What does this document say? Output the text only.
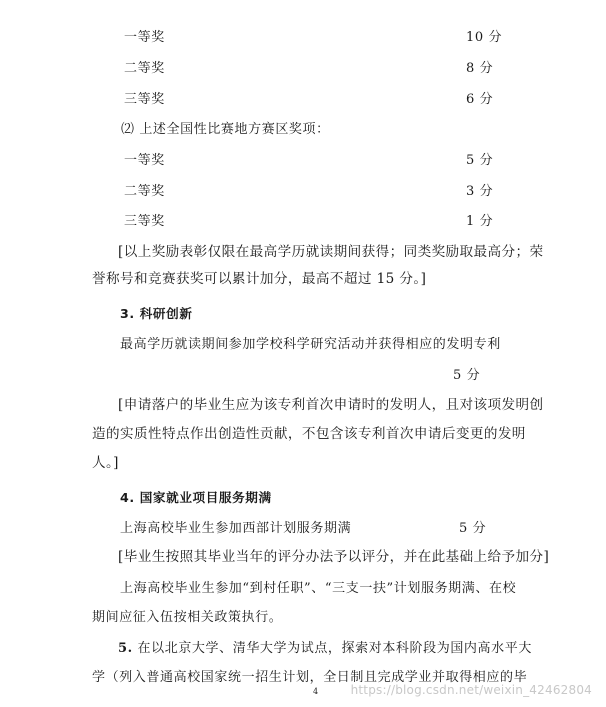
一等奖	10 分
二等奖	8 分
三等奖	6 分
⑵ 上述全国性比赛地方赛区奖项：
一等奖	5 分
二等奖	3 分
三等奖	1 分
[以上奖励表彰仅限在最高学历就读期间获得；同类奖励取最高分；荣
誉称号和竞赛获奖可以累计加分，最高不超过 15 分。]
3. 科研创新
最高学历就读期间参加学校科学研究活动并获得相应的发明专利
5 分
[申请落户的毕业生应为该专利首次申请时的发明人，且对该项发明创
造的实质性特点作出创造性贡献，不包含该专利首次申请后变更的发明
人。]
4. 国家就业项目服务期满
上海高校毕业生参加西部计划服务期满	5 分
[毕业生按照其毕业当年的评分办法予以评分，并在此基础上给予加分]
上海高校毕业生参加“到村任职”、“三支一扶”计划服务期满、在校
期间应征入伍按相关政策执行。
5. 在以北京大学、清华大学为试点，探索对本科阶段为国内高水平大
学（列入普通高校国家统一招生计划，全日制且完成学业并取得相应的毕
4	https://blog.csdn.net/weixin_42462804
